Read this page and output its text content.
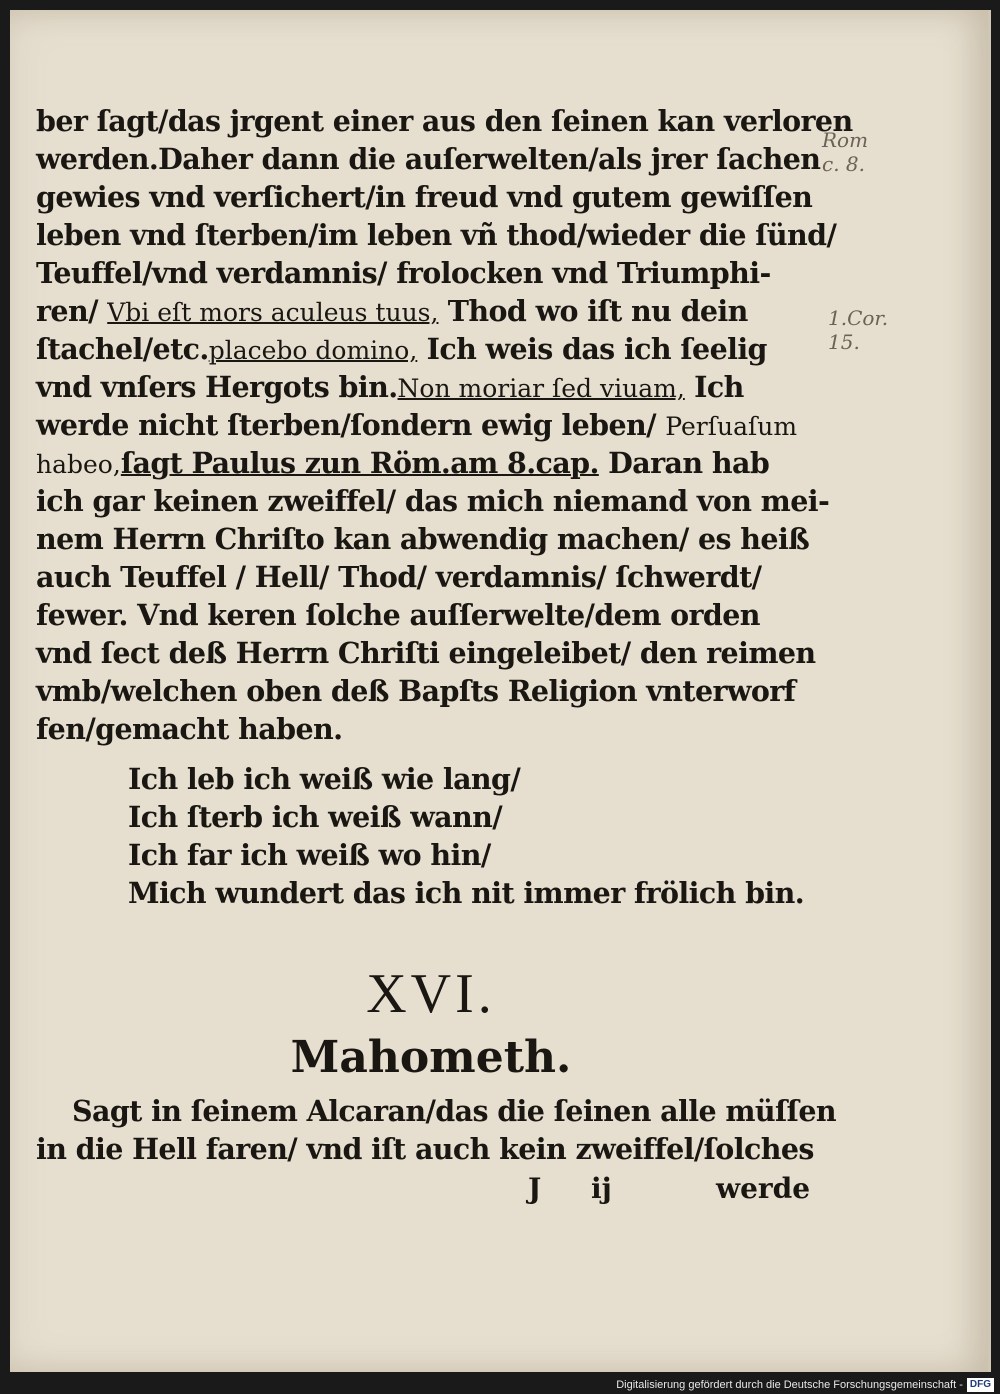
Rom
c. 8.
1.Cor.
15.
ber ſagt/das jrgent einer aus den ſeinen kan verloren
werden.Daher dann die auſerwelten/als jrer ſachen
gewies vnd verſichert/in freud vnd gutem gewiſſen
leben vnd ſterben/im leben vñ thod/wieder die ſünd/
Teuffel/vnd verdamnis/ frolocken vnd Triumphi-
ren/ Vbi eſt mors aculeus tuus, Thod wo iſt nu dein
ſtachel/etc.placebo domino, Ich weis das ich ſeelig
vnd vnſers Hergots bin.Non moriar ſed viuam, Ich
werde nicht ſterben/ſondern ewig leben/ Perſuaſum
habeo,ſagt Paulus zun Röm.am 8.cap. Daran hab
ich gar keinen zweiffel/ das mich niemand von mei-
nem Herrn Chriſto kan abwendig machen/ es heiß
auch Teuffel / Hell/ Thod/ verdamnis/ ſchwerdt/
fewer. Vnd keren ſolche auſſerwelte/dem orden
vnd ſect deß Herrn Chriſti eingeleibet/ den reimen
vmb/welchen oben deß Bapſts Religion vnterworf
fen/gemacht haben.
Ich leb ich weiß wie lang/
Ich ſterb ich weiß wann/
Ich far ich weiß wo hin/
Mich wundert das ich nit immer frölich bin.
XVI.
Mahometh.
Sagt in ſeinem Alcaran/das die ſeinen alle müſſen
in die Hell faren/ vnd iſt auch kein zweiffel/ſolches
J ij	werde
Digitalisierung gefördert durch die Deutsche Forschungsgemeinschaft - DFG
